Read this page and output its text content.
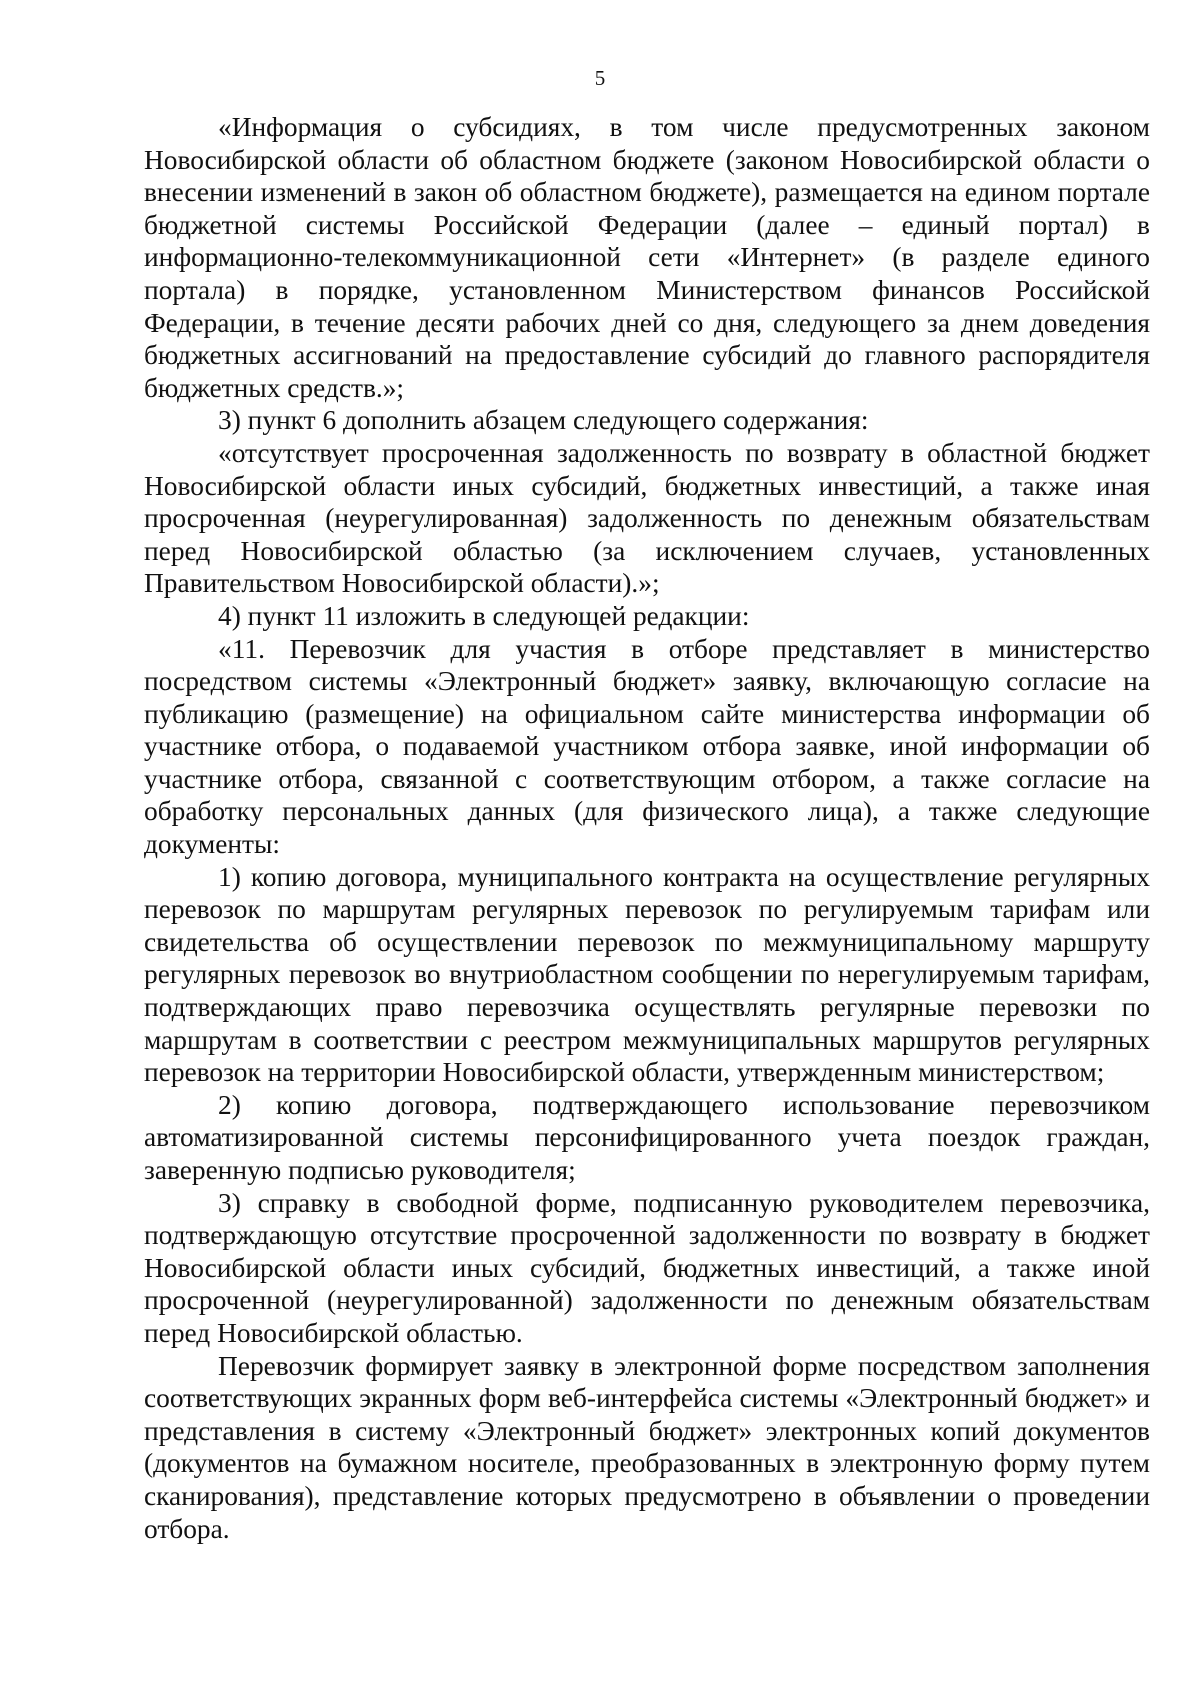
5

«Информация о субсидиях, в том числе предусмотренных законом Новосибирской области об областном бюджете (законом Новосибирской области о внесении изменений в закон об областном бюджете), размещается на едином портале бюджетной системы Российской Федерации (далее – единый портал) в информационно-телекоммуникационной сети «Интернет» (в разделе единого портала) в порядке, установленном Министерством финансов Российской Федерации, в течение десяти рабочих дней со дня, следующего за днем доведения бюджетных ассигнований на предоставление субсидий до главного распорядителя бюджетных средств.»;

3) пункт 6 дополнить абзацем следующего содержания:

«отсутствует просроченная задолженность по возврату в областной бюджет Новосибирской области иных субсидий, бюджетных инвестиций, а также иная просроченная (неурегулированная) задолженность по денежным обязательствам перед Новосибирской областью (за исключением случаев, установленных Правительством Новосибирской области).»;

4) пункт 11 изложить в следующей редакции:

«11. Перевозчик для участия в отборе представляет в министерство посредством системы «Электронный бюджет» заявку, включающую согласие на публикацию (размещение) на официальном сайте министерства информации об участнике отбора, о подаваемой участником отбора заявке, иной информации об участнике отбора, связанной с соответствующим отбором, а также согласие на обработку персональных данных (для физического лица), а также следующие документы:

1) копию договора, муниципального контракта на осуществление регулярных перевозок по маршрутам регулярных перевозок по регулируемым тарифам или свидетельства об осуществлении перевозок по межмуниципальному маршруту регулярных перевозок во внутриобластном сообщении по нерегулируемым тарифам, подтверждающих право перевозчика осуществлять регулярные перевозки по маршрутам в соответствии с реестром межмуниципальных маршрутов регулярных перевозок на территории Новосибирской области, утвержденным министерством;

2) копию договора, подтверждающего использование перевозчиком автоматизированной системы персонифицированного учета поездок граждан, заверенную подписью руководителя;

3) справку в свободной форме, подписанную руководителем перевозчика, подтверждающую отсутствие просроченной задолженности по возврату в бюджет Новосибирской области иных субсидий, бюджетных инвестиций, а также иной просроченной (неурегулированной) задолженности по денежным обязательствам перед Новосибирской областью.

Перевозчик формирует заявку в электронной форме посредством заполнения соответствующих экранных форм веб-интерфейса системы «Электронный бюджет» и представления в систему «Электронный бюджет» электронных копий документов (документов на бумажном носителе, преобразованных в электронную форму путем сканирования), представление которых предусмотрено в объявлении о проведении отбора.
